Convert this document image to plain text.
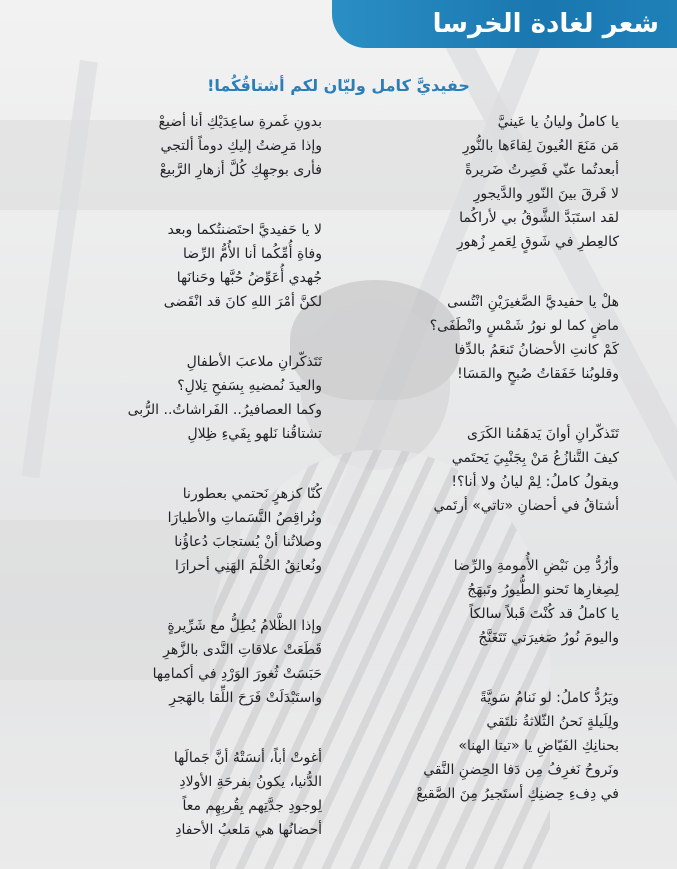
شعر لغادة الخرسا
حفيديَّ كامل وليّان لكم أشتاقُكُما!
يا كاملُ وليانُ يا عَينيَّ
مَن مَنَعَ العُيونَ لِقاءَها بالنُّورِ
أبعدتُما عنّي فَصِرتُ ضَريرةً
لا فَرقَ بينَ النّورِ والدَّيجورِ
لقد استَبَدَّ الشَّوقُ بي لأراكُما
كالعِطرِ في شَوقٍ لِعَمرِ زُهورِ
هلْ يا حفيديَّ الصَّغيرَيْنِ انْتُسى
ماضٍ كما لو نورُ شَمْسٍ وانْطَفَى؟
كَمْ كانتِ الأحضانُ تَنعَمُ بالدِّفا
وقلوبُنا خَفَقاتُ صُبحٍ والمَسَا!
تَتَذكّرانِ أوانَ يَدهَمُنا الكَرَى
كيفَ التَّنازُعُ مَنْ بِجَنْبِيَ يَحتَمي
ويقولُ كاملُ: لِمْ ليانُ ولا أنا؟!
أشتاقُ في أحضانِ «تاتي» أرتَمي
وأرُدُّ مِن نَبْضِ الأُمومةِ والرِّضا
لِصِغارِها تَحنو الطُّيورُ وتَبهَجُ
يا كاملُ قد كُنْتَ قَبلاً سالكاً
واليومَ نُورُ صَغيرَتي تَتَغَنَّجُ
ويَرُدُّ كاملُ: لو نَنامُ سَويَّةً
ولِلَيلةٍ نَحنُ الثّلاثةُ نلتَقي
بحنانِكِ الفَيّاضِ يا «تيتا الهنا»
ونَروحُ نَغرِفُ مِن دَفا الحِضنِ النَّقي
في دِفءِ حِضنِكِ أستَجيرُ مِنَ الصَّقيعْ
بدونِ غَمرةِ ساعِدَيْكِ أنا أضيعْ
وإذا مَرِضتُ إليكِ دوماً ألتجي
فأرى بوجهِكِ كُلَّ أزهارِ الرَّبيعْ
لا يا حَفيديَّ احتَضنتُكما وبعد
وفاةِ أُمِّكُما أنا الأُمُّ الرِّضا
جُهدي أُعَوِّضُ حُبَّها وحَنانَها
لكنَّ أمْرَ اللهِ كانَ قد انْقَضى
تَتَذكّرانِ ملاعبَ الأطفالِ
والعيدَ نُمضيهِ بِسَفحِ تِلالِ؟
وكما العصافيرُ.. الفَراشاتُ.. الرُّبى
تشتاقُنا نَلهو بِفَيءِ ظِلالِ
كُنّا كزهرٍ نَحتمي بعطورنا
ونُراقِصُ النَّسَماتِ والأطيارَا
وصلاتُنا أنْ يُستجابَ دُعاؤُنا
ونُعانِقُ الحُلْمَ الهَنِي أحرارَا
وإذا الظَّلامُ يُطِلُّ مع شَرِّيرةٍ
قَطَعَتْ علاقاتِ النَّدى بالزَّهرِ
حَبَسَتْ ثُغورَ الوَرْدِ في أكمامِها
واستَبْدَلَتْ فَرَحَ اللِّقا بالهَجرِ
أغوتْ أباً، أنسَتْهُ أنَّ جَمالَها
الدُّنيا، يكونُ بفرحَةِ الأولادِ
لِوجودِ جدَّتِهم بِقُربِهِم معاً
أحضانُها هي مَلعبُ الأحفادِ
